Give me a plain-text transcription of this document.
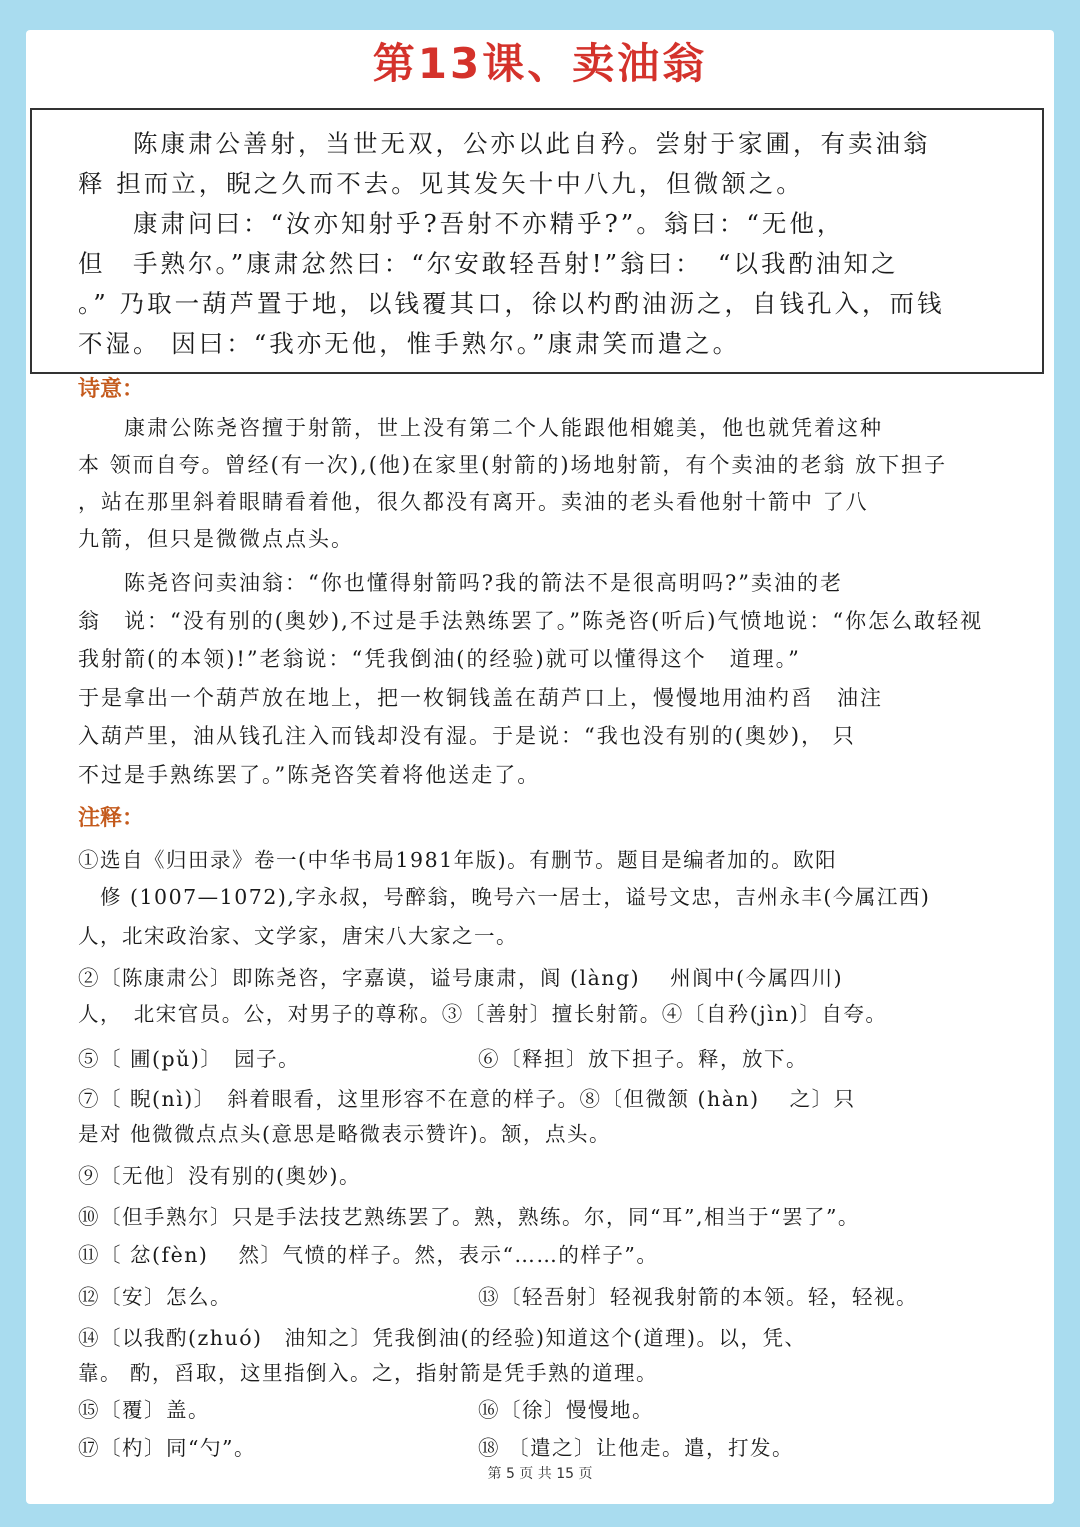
第13课、卖油翁
　　陈康肃公善射，当世无双，公亦以此自矜。尝射于家圃，有卖油翁
释 担而立，睨之久而不去。见其发矢十中八九，但微颔之。
　　康肃问曰：“汝亦知射乎?吾射不亦精乎?”。翁曰：“无他，
但　手熟尔。”康肃忿然曰：“尔安敢轻吾射!”翁曰：　“以我酌油知之
。” 乃取一葫芦置于地，以钱覆其口，徐以杓酌油沥之，自钱孔入，而钱
不湿。 因曰：“我亦无他，惟手熟尔。”康肃笑而遣之。
诗意：
　　康肃公陈尧咨擅于射箭，世上没有第二个人能跟他相媲美，他也就凭着这种
本 领而自夸。曾经(有一次),(他)在家里(射箭的)场地射箭，有个卖油的老翁 放下担子
，站在那里斜着眼睛看着他，很久都没有离开。卖油的老头看他射十箭中 了八
九箭，但只是微微点点头。
　　陈尧咨问卖油翁：“你也懂得射箭吗?我的箭法不是很高明吗?”卖油的老
翁　说：“没有别的(奥妙),不过是手法熟练罢了。”陈尧咨(听后)气愤地说：“你怎么敢轻视
我射箭(的本领)!”老翁说：“凭我倒油(的经验)就可以懂得这个　道理。”
于是拿出一个葫芦放在地上，把一枚铜钱盖在葫芦口上，慢慢地用油杓舀　油注
入葫芦里，油从钱孔注入而钱却没有湿。于是说：“我也没有别的(奥妙)， 只
不过是手熟练罢了。”陈尧咨笑着将他送走了。
注释：
①选自《归田录》卷一(中华书局1981年版)。有删节。题目是编者加的。欧阳
　修 (1007—1072),字永叔，号醉翁，晚号六一居士，谥号文忠，吉州永丰(今属江西)
人，北宋政治家、文学家，唐宋八大家之一。
②〔陈康肃公〕即陈尧咨，字嘉谟，谥号康肃，阆 (làng)　 州阆中(今属四川)
人，　北宋官员。公，对男子的尊称。③〔善射〕擅长射箭。④〔自矜(jìn)〕自夸。
⑤〔 圃(pǔ)〕　园子。	⑥〔释担〕放下担子。释，放下。
⑦〔 睨(nì)〕　斜着眼看，这里形容不在意的样子。⑧〔但微颔 (hàn)　 之〕只
是对 他微微点点头(意思是略微表示赞许)。颔，点头。
⑨〔无他〕没有别的(奥妙)。
⑩〔但手熟尔〕只是手法技艺熟练罢了。熟，熟练。尔，同“耳”,相当于“罢了”。
⑪〔 忿(fèn)　 然〕气愤的样子。然，表示“……的样子”。
⑫〔安〕怎么。	⑬〔轻吾射〕轻视我射箭的本领。轻，轻视。
⑭〔以我酌(zhuó)　油知之〕凭我倒油(的经验)知道这个(道理)。以，凭、
靠。 酌，舀取，这里指倒入。之，指射箭是凭手熟的道理。
⑮〔覆〕盖。	⑯〔徐〕慢慢地。
⑰〔杓〕同“勺”。	⑱ 〔遣之〕让他走。遣，打发。
第 5 页 共 15 页
